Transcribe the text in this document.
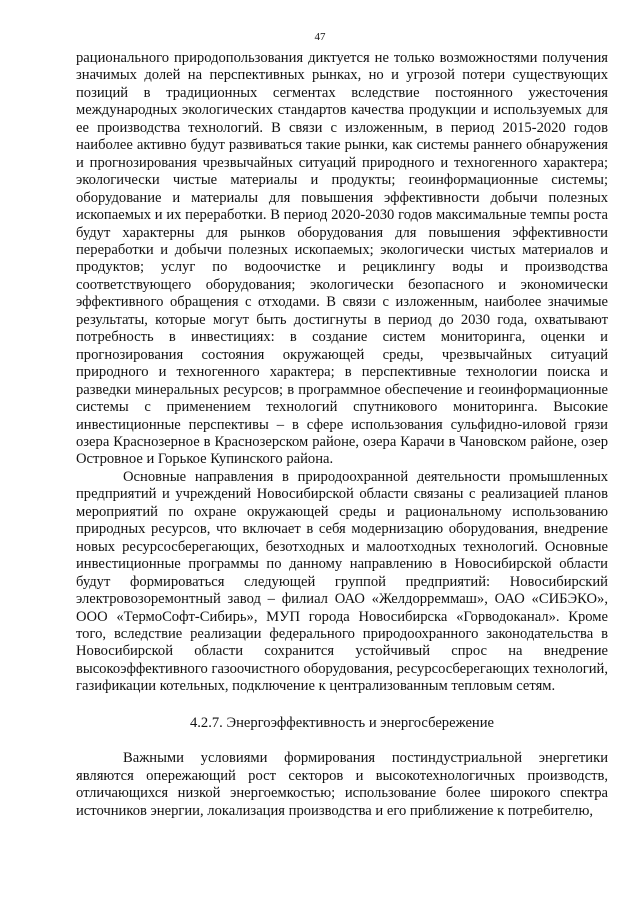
47

рационального природопользования диктуется не только возможностями получения значимых долей на перспективных рынках, но и угрозой потери существующих позиций в традиционных сегментах вследствие постоянного ужесточения международных экологических стандартов качества продукции и используемых для ее производства технологий. В связи с изложенным, в период 2015-2020 годов наиболее активно будут развиваться такие рынки, как системы раннего обнаружения и прогнозирования чрезвычайных ситуаций природного и техногенного характера; экологически чистые материалы и продукты; геоинформационные системы; оборудование и материалы для повышения эффективности добычи полезных ископаемых и их переработки. В период 2020-2030 годов максимальные темпы роста будут характерны для рынков оборудования для повышения эффективности переработки и добычи полезных ископаемых; экологически чистых материалов и продуктов; услуг по водоочистке и рециклингу воды и производства соответствующего оборудования; экологически безопасного и экономически эффективного обращения с отходами. В связи с изложенным, наиболее значимые результаты, которые могут быть достигнуты в период до 2030 года, охватывают потребность в инвестициях: в создание систем мониторинга, оценки и прогнозирования состояния окружающей среды, чрезвычайных ситуаций природного и техногенного характера; в перспективные технологии поиска и разведки минеральных ресурсов; в программное обеспечение и геоинформационные системы с применением технологий спутникового мониторинга. Высокие инвестиционные перспективы – в сфере использования сульфидно-иловой грязи озера Краснозерное в Краснозерском районе, озера Карачи в Чановском районе, озер Островное и Горькое Купинского района.

Основные направления в природоохранной деятельности промышленных предприятий и учреждений Новосибирской области связаны с реализацией планов мероприятий по охране окружающей среды и рациональному использованию природных ресурсов, что включает в себя модернизацию оборудования, внедрение новых ресурсосберегающих, безотходных и малоотходных технологий. Основные инвестиционные программы по данному направлению в Новосибирской области будут формироваться следующей группой предприятий: Новосибирский электровозоремонтный завод – филиал ОАО «Желдорреммаш», ОАО «СИБЭКО», ООО «ТермоСофт-Сибирь», МУП города Новосибирска «Горводоканал». Кроме того, вследствие реализации федерального природоохранного законодательства в Новосибирской области сохранится устойчивый спрос на внедрение высокоэффективного газоочистного оборудования, ресурсосберегающих технологий, газификации котельных, подключение к централизованным тепловым сетям.

4.2.7. Энергоэффективность и энергосбережение

Важными условиями формирования постиндустриальной энергетики являются опережающий рост секторов и высокотехнологичных производств, отличающихся низкой энергоемкостью; использование более широкого спектра источников энергии, локализация производства и его приближение к потребителю,
